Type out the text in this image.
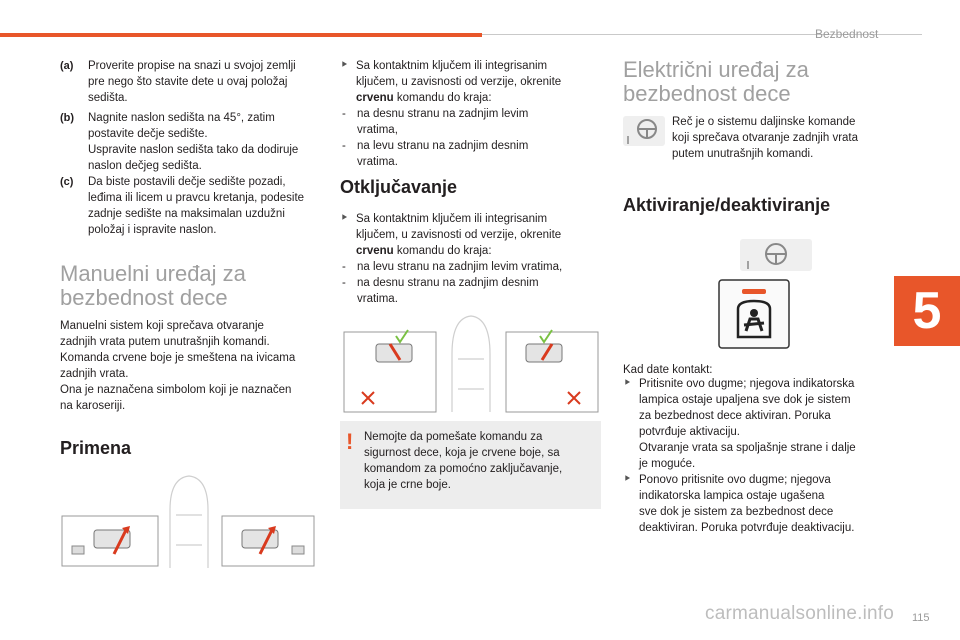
Bezbednost
5
115
carmanualsonline.info
(a) Proverite propise na snazi u svojoj zemlji
pre nego što stavite dete u ovaj položaj
sedišta.
(b) Nagnite naslon sedišta na 45°, zatim
postavite dečje sedište.
Uspravite naslon sedišta tako da dodiruje
naslon dečjeg sedišta.
(c) Da biste postavili dečje sedište pozadi,
leđima ili licem u pravcu kretanja, podesite
zadnje sedište na maksimalan uzdužni
položaj i ispravite naslon.
Manuelni uređaj za
bezbednost dece
Manuelni sistem koji sprečava otvaranje
zadnjih vrata putem unutrašnjih komandi.
Komanda crvene boje je smeštena na ivicama
zadnjih vrata.
Ona je naznačena simbolom koji je naznačen
na karoseriji.
Primena
⯈ Sa kontaktnim ključem ili integrisanim
ključem, u zavisnosti od verzije, okrenite
crvenu komandu do kraja:
- na desnu stranu na zadnjim levim
vratima,
- na levu stranu na zadnjim desnim
vratima.
Otključavanje
⯈ Sa kontaktnim ključem ili integrisanim
ključem, u zavisnosti od verzije, okrenite
crvenu komandu do kraja:
- na levu stranu na zadnjim levim vratima,
- na desnu stranu na zadnjim desnim
vratima.
! Nemojte da pomešate komandu za
sigurnost dece, koja je crvene boje, sa
komandom za pomoćno zaključavanje,
koja je crne boje.
Električni uređaj za
bezbednost dece
Reč je o sistemu daljinske komande
koji sprečava otvaranje zadnjih vrata
putem unutrašnjih komandi.
Aktiviranje/deaktiviranje
Kad date kontakt:
⯈ Pritisnite ovo dugme; njegova indikatorska
lampica ostaje upaljena sve dok je sistem
za bezbednost dece aktiviran. Poruka
potvrđuje aktivaciju.
Otvaranje vrata sa spoljašnje strane i dalje
je moguće.
⯈ Ponovo pritisnite ovo dugme; njegova
indikatorska lampica ostaje ugašena
sve dok je sistem za bezbednost dece
deaktiviran. Poruka potvrđuje deaktivaciju.
